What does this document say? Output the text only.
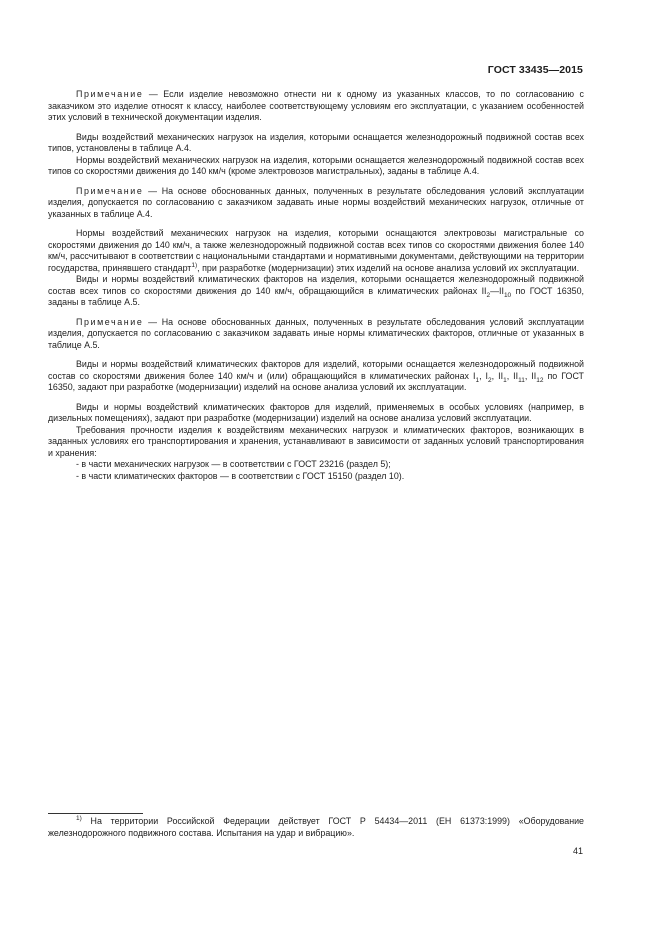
ГОСТ 33435—2015

Примечание — Если изделие невозможно отнести ни к одному из указанных классов, то по согласованию с заказчиком это изделие относят к классу, наиболее соответствующему условиям его эксплуатации, с указанием особенностей этих условий в технической документации изделия.

Виды воздействий механических нагрузок на изделия, которыми оснащается железнодорожный подвижной состав всех типов, установлены в таблице А.4.

Нормы воздействий механических нагрузок на изделия, которыми оснащается железнодорожный подвижной состав всех типов со скоростями движения до 140 км/ч (кроме электровозов магистральных), заданы в таблице А.4.

Примечание — На основе обоснованных данных, полученных в результате обследования условий эксплуатации изделия, допускается по согласованию с заказчиком задавать иные нормы воздействий механических нагрузок, отличные от указанных в таблице А.4.

Нормы воздействий механических нагрузок на изделия, которыми оснащаются электровозы магистральные со скоростями движения до 140 км/ч, а также железнодорожный подвижной состав всех типов со скоростями движения более 140 км/ч, рассчитывают в соответствии с национальными стандартами и нормативными документами, действующими на территории государства, принявшего стандарт$^{1)}$, при разработке (модернизации) этих изделий на основе анализа условий их эксплуатации.

Виды и нормы воздействий климатических факторов на изделия, которыми оснащается железнодорожный подвижной состав всех типов со скоростями движения до 140 км/ч, обращающийся в климатических районах $II_2—II_{10}$ по ГОСТ 16350, заданы в таблице А.5.

Примечание — На основе обоснованных данных, полученных в результате обследования условий эксплуатации изделия, допускается по согласованию с заказчиком задавать иные нормы климатических факторов, отличные от указанных в таблице А.5.

Виды и нормы воздействий климатических факторов для изделий, которыми оснащается железнодорожный подвижной состав со скоростями движения более 140 км/ч и (или) обращающийся в климатических районах $I_1$, $I_2$, $II_1$, $II_{11}$, $II_{12}$ по ГОСТ 16350, задают при разработке (модернизации) изделий на основе анализа условий их эксплуатации.

Виды и нормы воздействий климатических факторов для изделий, применяемых в особых условиях (например, в дизельных помещениях), задают при разработке (модернизации) изделий на основе анализа условий эксплуатации.

Требования прочности изделия к воздействиям механических нагрузок и климатических факторов, возникающих в заданных условиях его транспортирования и хранения, устанавливают в зависимости от заданных условий транспортирования и хранения:

- в части механических нагрузок — в соответствии с ГОСТ 23216 (раздел 5);
- в части климатических факторов — в соответствии с ГОСТ 15150 (раздел 10).

$^{1)}$ На территории Российской Федерации действует ГОСТ Р 54434—2011 (ЕН 61373:1999) «Оборудование железнодорожного подвижного состава. Испытания на удар и вибрацию».

41
